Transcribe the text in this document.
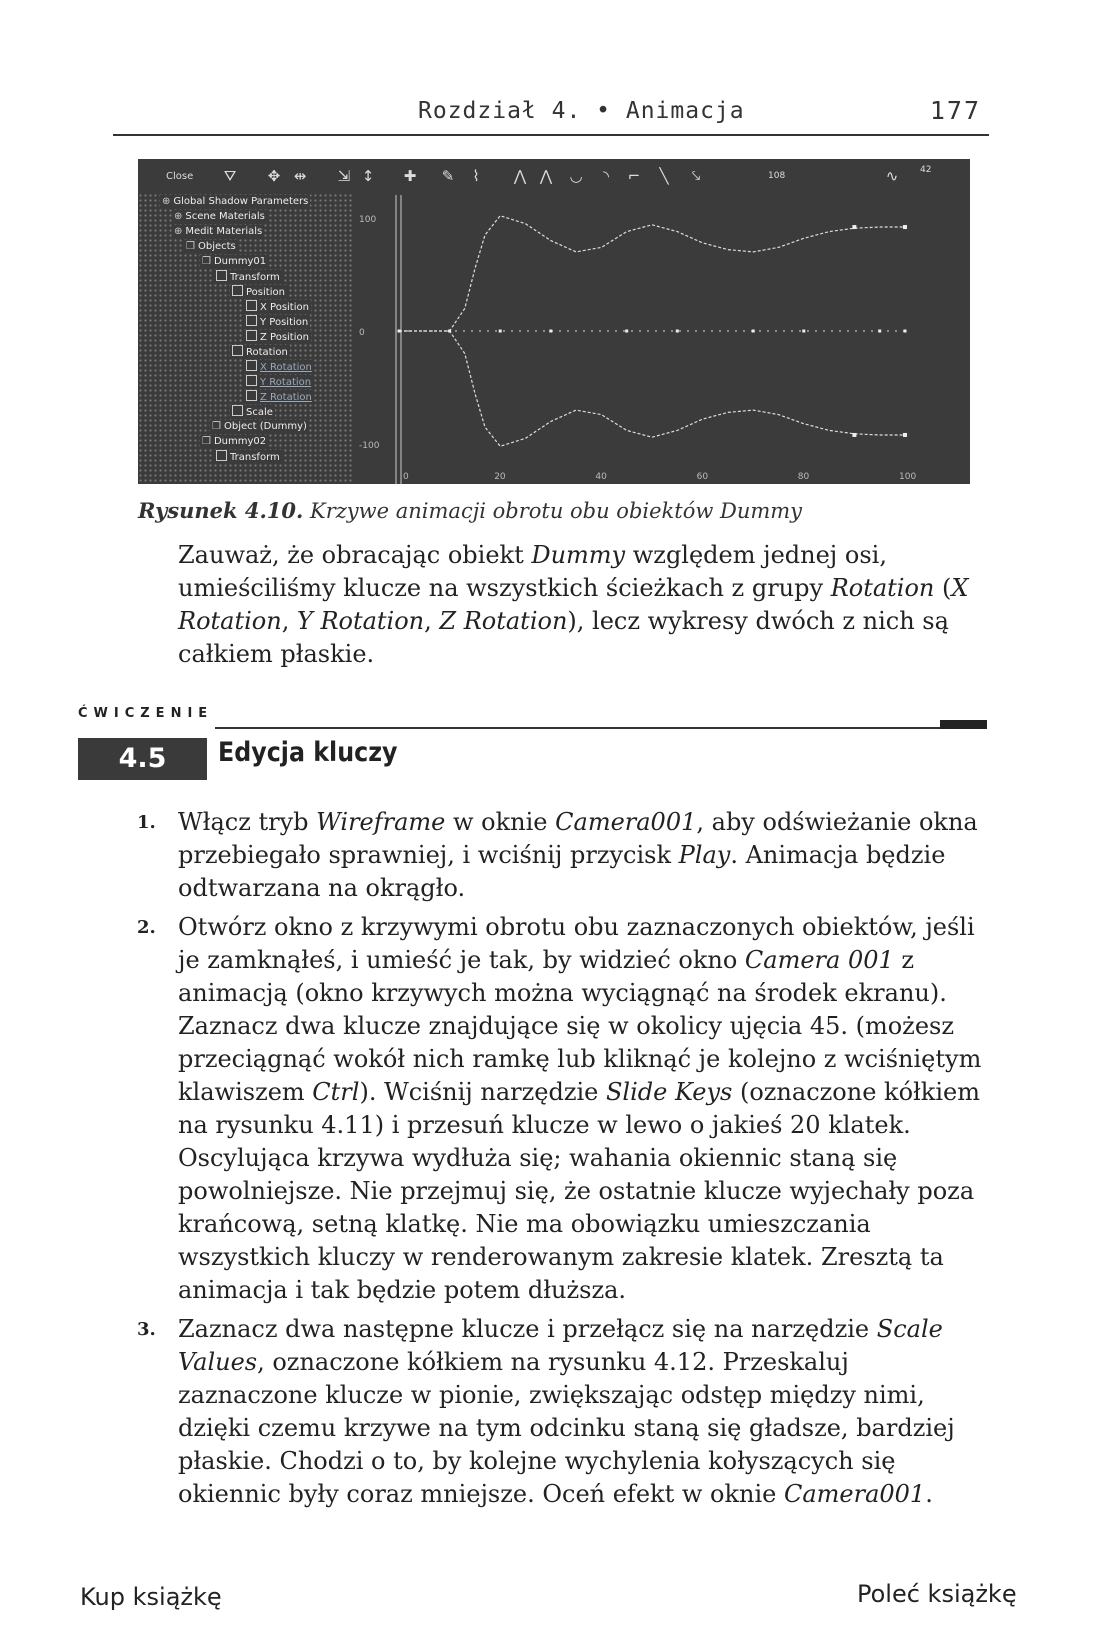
Rozdział 4. • Animacja	177
Close ⛛ ✥ ⇹ ⇲ ↕ ✚ ✎	⌇	⋀ ⋀ ◡	◝	⌐	╲	⤥	108
42
∿
⊕ Global Shadow Parameters
⊕ Scene Materials
⊕ Medit Materials
❒ Objects
❒ Dummy01
Transform
Position
X Position
Y Position
Z Position
Rotation
X Rotation
Y Rotation
Z Rotation
Scale
❒ Object (Dummy)
❒ Dummy02
Transform
100
0
-100
0	20	40	60	80	100
Rysunek 4.10. Krzywe animacji obrotu obu obiektów Dummy
Zauważ, że obracając obiekt Dummy względem jednej osi, umieściliśmy klucze na wszystkich ścieżkach z grupy Rotation (X Rotation, Y Rotation, Z Rotation), lecz wykresy dwóch z nich są całkiem płaskie.
ĆWICZENIE
4.5	Edycja kluczy
1. Włącz tryb Wireframe w oknie Camera001, aby odświeżanie okna przebiegało sprawniej, i wciśnij przycisk Play. Animacja będzie odtwarzana na okrągło.
2. Otwórz okno z krzywymi obrotu obu zaznaczonych obiektów, jeśli je zamknąłeś, i umieść je tak, by widzieć okno Camera 001 z animacją (okno krzywych można wyciągnąć na środek ekranu). Zaznacz dwa klucze znajdujące się w okolicy ujęcia 45. (możesz przeciągnąć wokół nich ramkę lub kliknąć je kolejno z wciśniętym klawiszem Ctrl). Wciśnij narzędzie Slide Keys (oznaczone kółkiem na rysunku 4.11) i przesuń klucze w lewo o jakieś 20 klatek. Oscylująca krzywa wydłuża się; wahania okiennic staną się powolniejsze. Nie przejmuj się, że ostatnie klucze wyjechały poza krańcową, setną klatkę. Nie ma obowiązku umieszczania wszystkich kluczy w renderowanym zakresie klatek. Zresztą ta animacja i tak będzie potem dłuższa.
3. Zaznacz dwa następne klucze i przełącz się na narzędzie Scale Values, oznaczone kółkiem na rysunku 4.12. Przeskaluj zaznaczone klucze w pionie, zwiększając odstęp między nimi, dzięki czemu krzywe na tym odcinku staną się gładsze, bardziej płaskie. Chodzi o to, by kolejne wychylenia kołyszących się okiennic były coraz mniejsze. Oceń efekt w oknie Camera001.
Kup książkę	Poleć książkę
